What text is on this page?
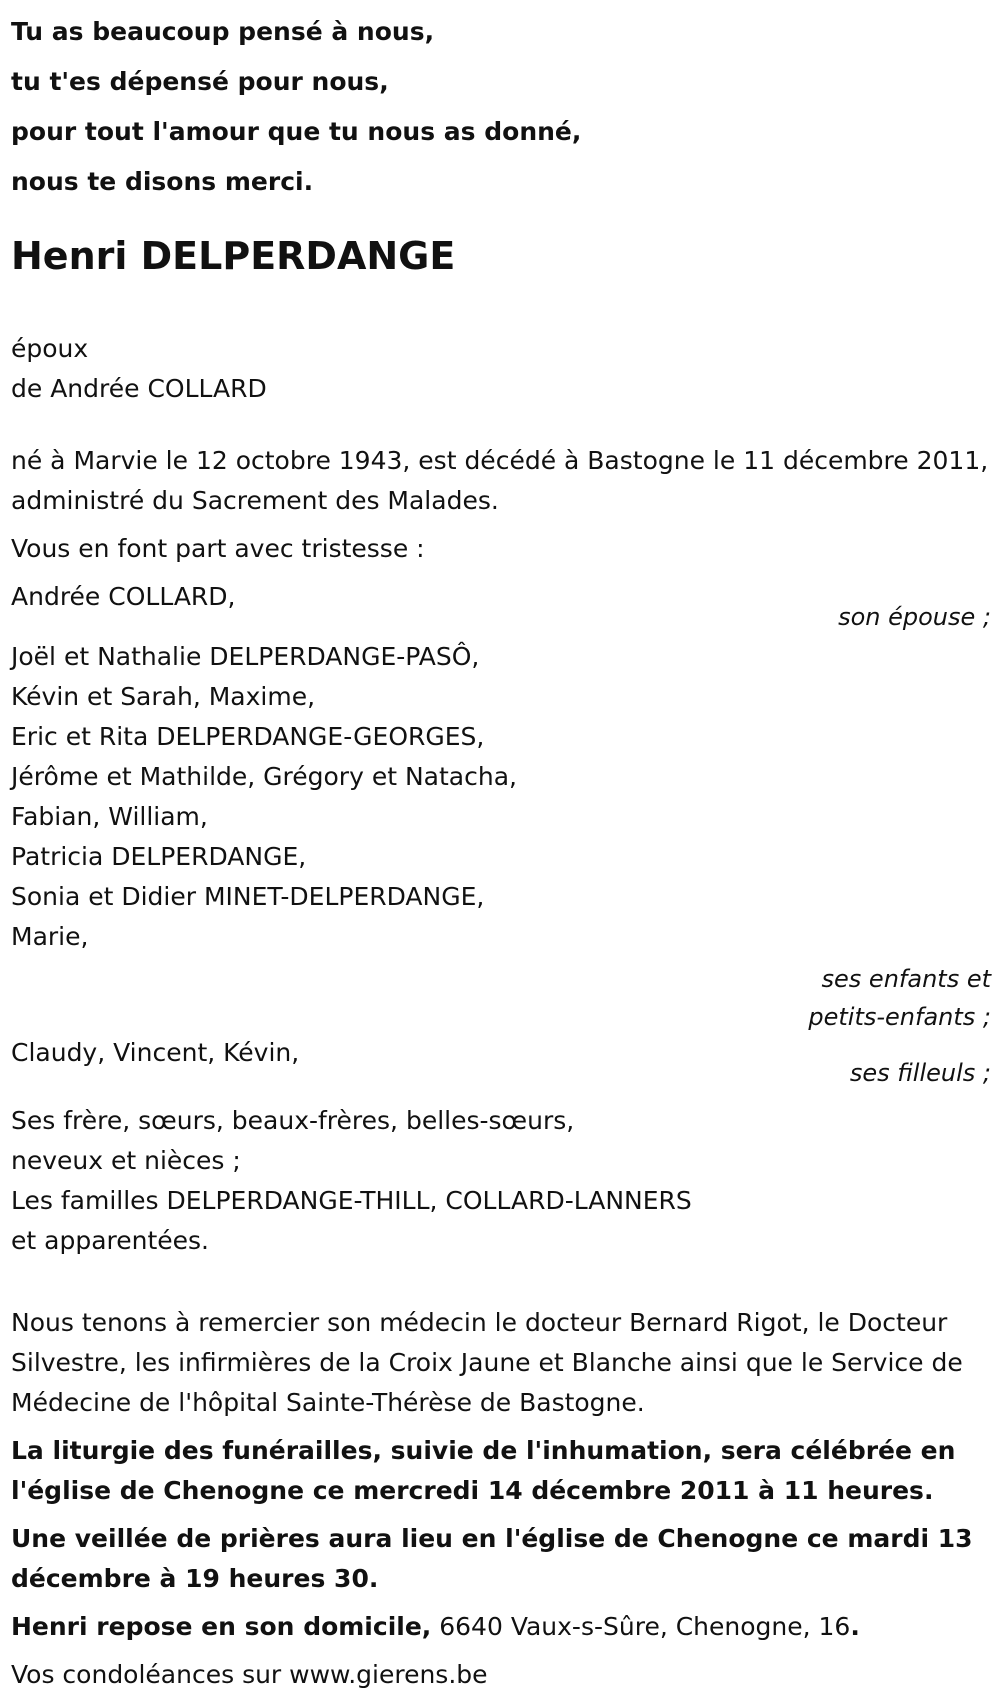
Tu as beaucoup pensé à nous,
tu t'es dépensé pour nous,
pour tout l'amour que tu nous as donné,
nous te disons merci.
Henri DELPERDANGE
époux
de Andrée COLLARD
né à Marvie le 12 octobre 1943, est décédé à Bastogne le 11 décembre 2011, administré du Sacrement des Malades.
Vous en font part avec tristesse :
Andrée COLLARD,
son épouse ;
Joël et Nathalie DELPERDANGE-PASÔ,
Kévin et Sarah, Maxime,
Eric et Rita DELPERDANGE-GEORGES,
Jérôme et Mathilde, Grégory et Natacha,
Fabian, William,
Patricia DELPERDANGE,
Sonia et Didier MINET-DELPERDANGE,
Marie,
ses enfants et
petits-enfants ;
Claudy, Vincent, Kévin,
ses filleuls ;
Ses frère, sœurs, beaux-frères, belles-sœurs,
neveux et nièces ;
Les familles DELPERDANGE-THILL, COLLARD-LANNERS
et apparentées.
Nous tenons à remercier son médecin le docteur Bernard Rigot, le Docteur Silvestre, les infirmières de la Croix Jaune et Blanche ainsi que le Service de Médecine de l'hôpital Sainte-Thérèse de Bastogne.
La liturgie des funérailles, suivie de l'inhumation, sera célébrée en l'église de Chenogne ce mercredi 14 décembre 2011 à 11 heures.
Une veillée de prières aura lieu en l'église de Chenogne ce mardi 13 décembre à 19 heures 30.
Henri repose en son domicile, 6640 Vaux-s-Sûre, Chenogne, 16.
Vos condoléances sur www.gierens.be
